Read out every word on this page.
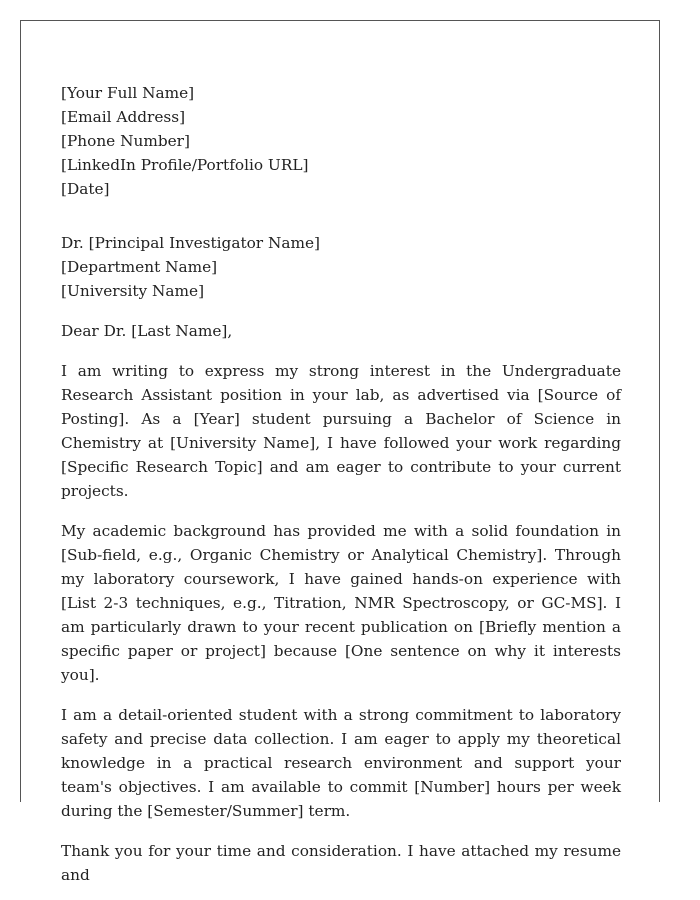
[Your Full Name]
[Email Address]
[Phone Number]
[LinkedIn Profile/Portfolio URL]
[Date]
Dr. [Principal Investigator Name]
[Department Name]
[University Name]
Dear Dr. [Last Name],

I am writing to express my strong interest in the Undergraduate Research Assistant position in your lab, as advertised via [Source of Posting]. As a [Year] student pursuing a Bachelor of Science in Chemistry at [University Name], I have followed your work regarding [Specific Research Topic] and am eager to contribute to your current projects.

My academic background has provided me with a solid foundation in [Sub-field, e.g., Organic Chemistry or Analytical Chemistry]. Through my laboratory coursework, I have gained hands-on experience with [List 2-3 techniques, e.g., Titration, NMR Spectroscopy, or GC-MS]. I am particularly drawn to your recent publication on [Briefly mention a specific paper or project] because [One sentence on why it interests you].

I am a detail-oriented student with a strong commitment to laboratory safety and precise data collection. I am eager to apply my theoretical knowledge in a practical research environment and support your team's objectives. I am available to commit [Number] hours per week during the [Semester/Summer] term.

Thank you for your time and consideration. I have attached my resume and
